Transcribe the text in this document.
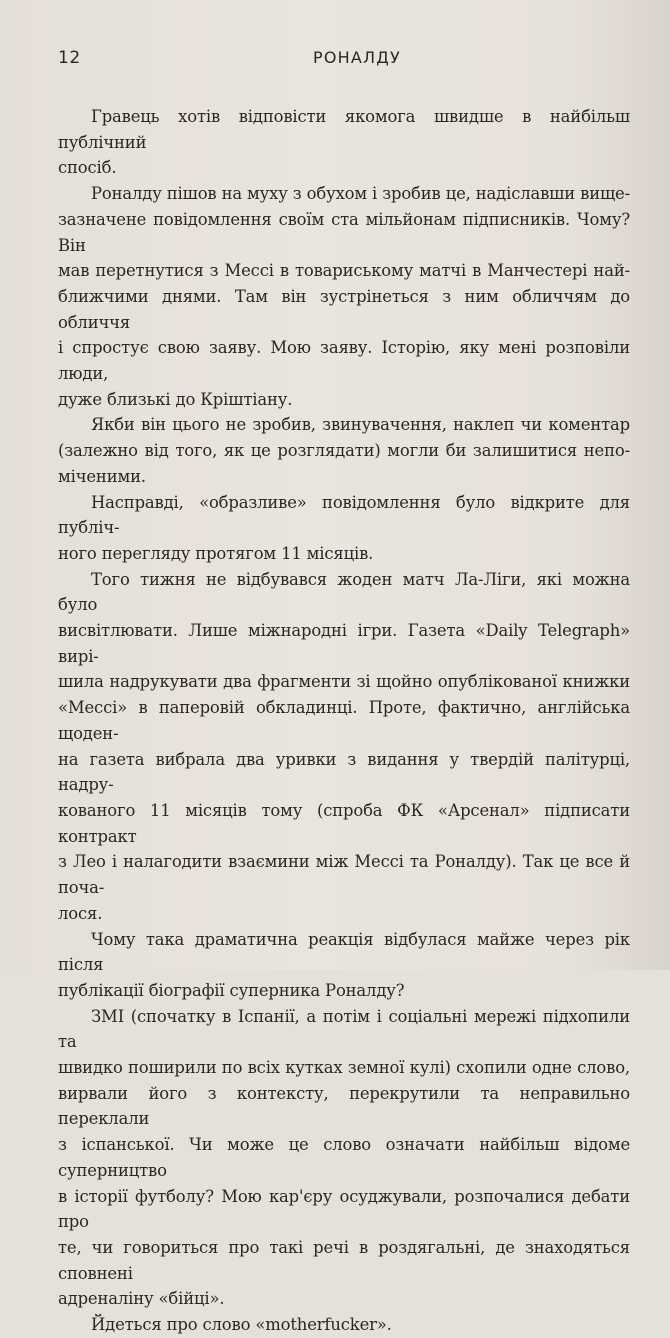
12	РОНАЛДУ

Гравець хотів відповісти якомога швидше в найбільш публічний
спосіб.

Роналду пішов на муху з обухом і зробив це, надіславши вище-
зазначене повідомлення своїм ста мільйонам підписників. Чому? Він
мав перетнутися з Мессі в товариському матчі в Манчестері най-
ближчими днями. Там він зустрінеться з ним обличчям до обличчя
і спростує свою заяву. Мою заяву. Історію, яку мені розповіли люди,
дуже близькі до Кріштіану.

Якби він цього не зробив, звинувачення, наклеп чи коментар
(залежно від того, як це розглядати) могли би залишитися непо-
міченими.

Насправді, «образливе» повідомлення було відкрите для публіч-
ного перегляду протягом 11 місяців.

Того тижня не відбувався жоден матч Ла-Ліги, які можна було
висвітлювати. Лише міжнародні ігри. Газета «Daily Telegraph» вирі-
шила надрукувати два фрагменти зі щойно опублікованої книжки
«Мессі» в паперовій обкладинці. Проте, фактично, англійська щоден-
на газета вибрала два уривки з видання у твердій палітурці, надру-
кованого 11 місяців тому (спроба ФК «Арсенал» підписати контракт
з Лео і налагодити взаємини між Мессі та Роналду). Так це все й поча-
лося.

Чому така драматична реакція відбулася майже через рік після
публікації біографії суперника Роналду?

ЗМІ (спочатку в Іспанії, а потім і соціальні мережі підхопили та
швидко поширили по всіх кутках земної кулі) схопили одне слово,
вирвали його з контексту, перекрутили та неправильно переклали
з іспанської. Чи може це слово означати найбільш відоме суперництво
в історії футболу? Мою кар'єру осуджували, розпочалися дебати про
те, чи говориться про такі речі в роздягальні, де знаходяться сповнені
адреналіну «бійці».

Йдеться про слово «motherfucker».
